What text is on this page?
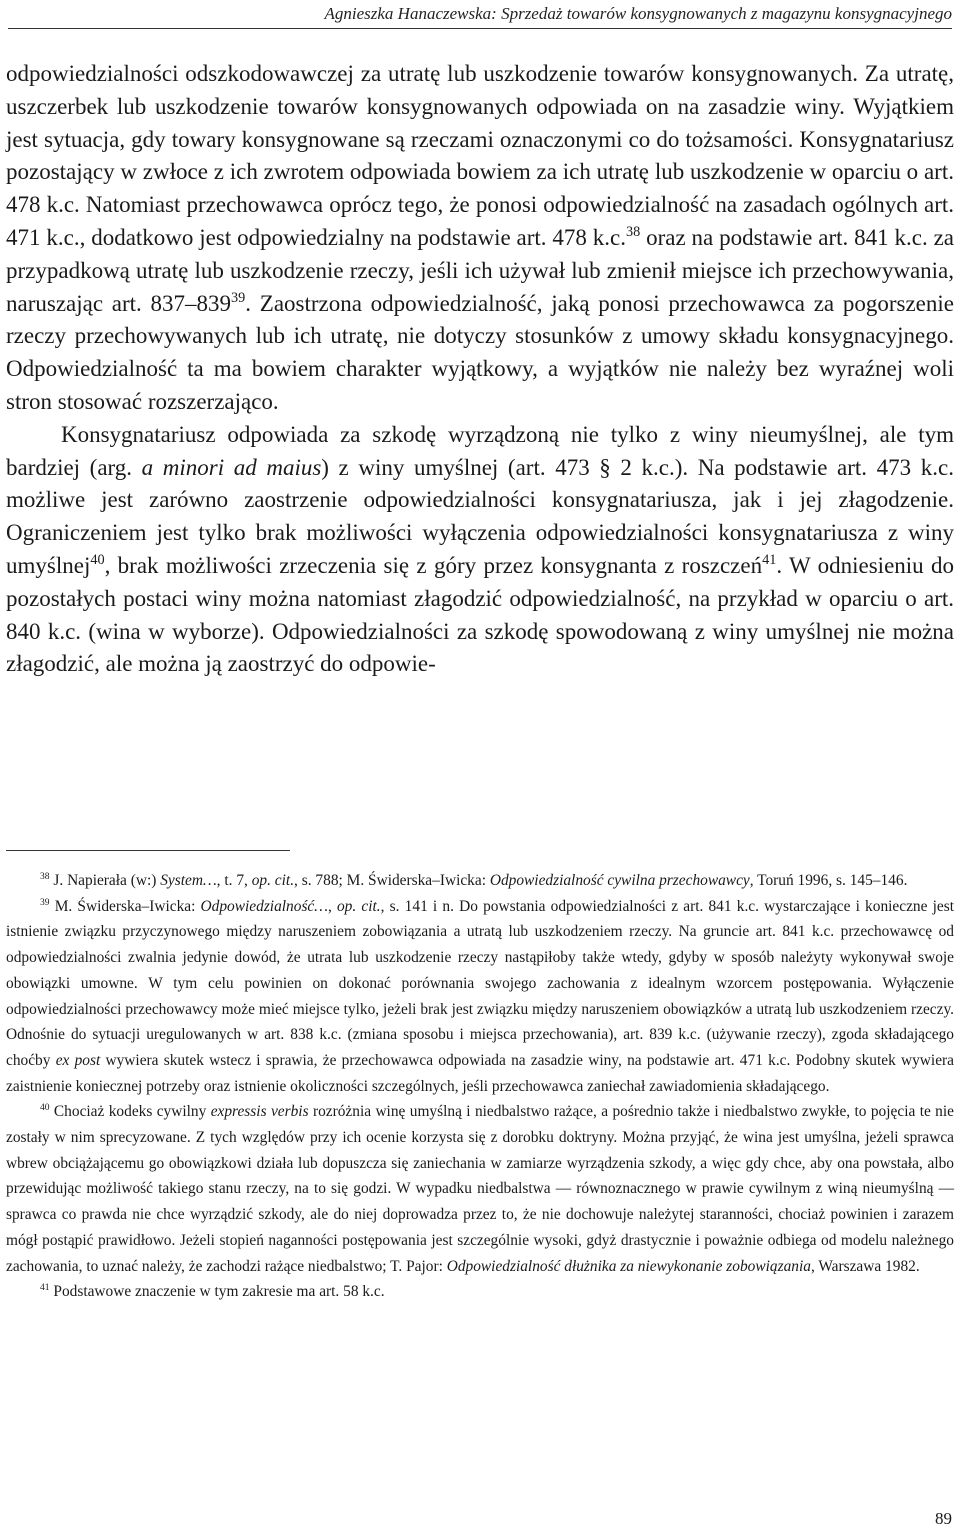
Agnieszka Hanaczewska: Sprzedaż towarów konsygnowanych z magazynu konsygnacyjnego

odpowiedzialności odszkodowawczej za utratę lub uszkodzenie towarów konsygnowanych. Za utratę, uszczerbek lub uszkodzenie towarów konsygnowanych odpowiada on na zasadzie winy. Wyjątkiem jest sytuacja, gdy towary konsygnowane są rzeczami oznaczonymi co do tożsamości. Konsygnatariusz pozostający w zwłoce z ich zwrotem odpowiada bowiem za ich utratę lub uszkodzenie w oparciu o art. 478 k.c. Natomiast przechowawca oprócz tego, że ponosi odpowiedzialność na zasadach ogólnych art. 471 k.c., dodatkowo jest odpowiedzialny na podstawie art. 478 k.c.$^{38}$ oraz na podstawie art. 841 k.c. za przypadkową utratę lub uszkodzenie rzeczy, jeśli ich używał lub zmienił miejsce ich przechowywania, naruszając art. $837-839^{39}$. Zaostrzona odpowiedzialność, jaką ponosi przechowawca za pogorszenie rzeczy przechowywanych lub ich utratę, nie dotyczy stosunków z umowy składu konsygnacyjnego. Odpowiedzialność ta ma bowiem charakter wyjątkowy, a wyjątków nie należy bez wyraźnej woli stron stosować rozszerzająco.

Konsygnatariusz odpowiada za szkodę wyrządzoną nie tylko z winy nieumyślnej, ale tym bardziej (arg. a minori ad maius) z winy umyślnej (art. 473 § 2 k.c.). Na podstawie art. 473 k.c. możliwe jest zarówno zaostrzenie odpowiedzialności konsygnatariusza, jak i jej złagodzenie. Ograniczeniem jest tylko brak możliwości wyłączenia odpowiedzialności konsygnatariusza z winy umyślnej$^{40}$, brak możliwości zrzeczenia się z góry przez konsygnanta z roszczeń$^{41}$. W odniesieniu do pozostałych postaci winy można natomiast złagodzić odpowiedzialność, na przykład w oparciu o art. 840 k.c. (wina w wyborze). Odpowiedzialności za szkodę spowodowaną z winy umyślnej nie można złagodzić, ale można ją zaostrzyć do odpowie-

$^{38}$ J. Napierała (w:) System…, t. 7, op. cit., s. 788; M. Świderska–Iwicka: Odpowiedzialność cywilna przechowawcy, Toruń 1996, s. 145–146.

$^{39}$ M. Świderska–Iwicka: Odpowiedzialność…, op. cit., s. 141 i n. Do powstania odpowiedzialności z art. 841 k.c. wystarczające i konieczne jest istnienie związku przyczynowego między naruszeniem zobowiązania a utratą lub uszkodzeniem rzeczy. Na gruncie art. 841 k.c. przechowawcę od odpowiedzialności zwalnia jedynie dowód, że utrata lub uszkodzenie rzeczy nastąpiłoby także wtedy, gdyby w sposób należyty wykonywał swoje obowiązki umowne. W tym celu powinien on dokonać porównania swojego zachowania z idealnym wzorcem postępowania. Wyłączenie odpowiedzialności przechowawcy może mieć miejsce tylko, jeżeli brak jest związku między naruszeniem obowiązków a utratą lub uszkodzeniem rzeczy. Odnośnie do sytuacji uregulowanych w art. 838 k.c. (zmiana sposobu i miejsca przechowania), art. 839 k.c. (używanie rzeczy), zgoda składającego choćby ex post wywiera skutek wstecz i sprawia, że przechowawca odpowiada na zasadzie winy, na podstawie art. 471 k.c. Podobny skutek wywiera zaistnienie koniecznej potrzeby oraz istnienie okoliczności szczególnych, jeśli przechowawca zaniechał zawiadomienia składającego.

$^{40}$ Chociaż kodeks cywilny expressis verbis rozróżnia winę umyślną i niedbalstwo rażące, a pośrednio także i niedbalstwo zwykłe, to pojęcia te nie zostały w nim sprecyzowane. Z tych względów przy ich ocenie korzysta się z dorobku doktryny. Można przyjąć, że wina jest umyślna, jeżeli sprawca wbrew obciążającemu go obowiązkowi działa lub dopuszcza się zaniechania w zamiarze wyrządzenia szkody, a więc gdy chce, aby ona powstała, albo przewidując możliwość takiego stanu rzeczy, na to się godzi. W wypadku niedbalstwa — równoznacznego w prawie cywilnym z winą nieumyślną — sprawca co prawda nie chce wyrządzić szkody, ale do niej doprowadza przez to, że nie dochowuje należytej staranności, chociaż powinien i zarazem mógł postąpić prawidłowo. Jeżeli stopień naganności postępowania jest szczególnie wysoki, gdyż drastycznie i poważnie odbiega od modelu należnego zachowania, to uznać należy, że zachodzi rażące niedbalstwo; T. Pajor: Odpowiedzialność dłużnika za niewykonanie zobowiązania, Warszawa 1982.

$^{41}$ Podstawowe znaczenie w tym zakresie ma art. 58 k.c.

89
